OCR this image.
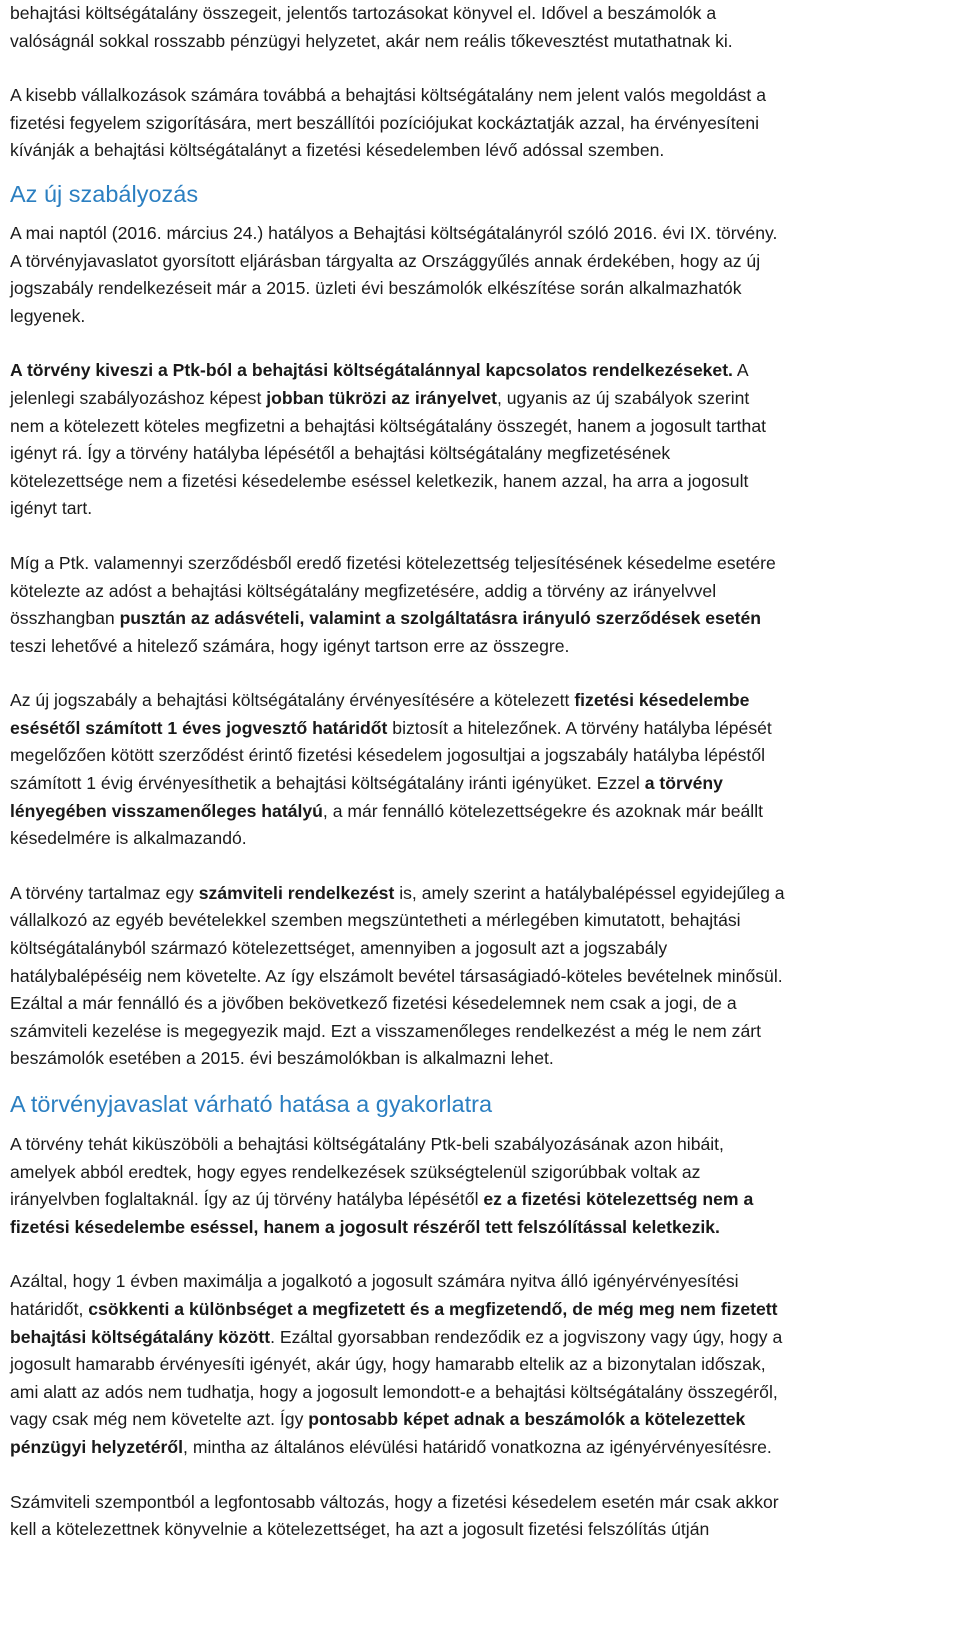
behajtási költségátalány összegeit, jelentős tartozásokat könyvel el. Idővel a beszámolók a
valóságnál sokkal rosszabb pénzügyi helyzetet, akár nem reális tőkevesztést mutathatnak ki.

A kisebb vállalkozások számára továbbá a behajtási költségátalány nem jelent valós megoldást a
fizetési fegyelem szigorítására, mert beszállítói pozíciójukat kockáztatják azzal, ha érvényesíteni
kívánják a behajtási költségátalányt a fizetési késedelemben lévő adóssal szemben.

Az új szabályozás

A mai naptól (2016. március 24.) hatályos a Behajtási költségátalányról szóló 2016. évi IX. törvény.
A törvényjavaslatot gyorsított eljárásban tárgyalta az Országgyűlés annak érdekében, hogy az új
jogszabály rendelkezéseit már a 2015. üzleti évi beszámolók elkészítése során alkalmazhatók
legyenek.

A törvény kiveszi a Ptk-ból a behajtási költségátalánnyal kapcsolatos rendelkezéseket. A
jelenlegi szabályozáshoz képest jobban tükrözi az irányelvet, ugyanis az új szabályok szerint
nem a kötelezett köteles megfizetni a behajtási költségátalány összegét, hanem a jogosult tarthat
igényt rá. Így a törvény hatályba lépésétől a behajtási költségátalány megfizetésének
kötelezettsége nem a fizetési késedelembe eséssel keletkezik, hanem azzal, ha arra a jogosult
igényt tart.

Míg a Ptk. valamennyi szerződésből eredő fizetési kötelezettség teljesítésének késedelme esetére
kötelezte az adóst a behajtási költségátalány megfizetésére, addig a törvény az irányelvvel
összhangban pusztán az adásvételi, valamint a szolgáltatásra irányuló szerződések esetén
teszi lehetővé a hitelező számára, hogy igényt tartson erre az összegre.

Az új jogszabály a behajtási költségátalány érvényesítésére a kötelezett fizetési késedelembe
esésétől számított 1 éves jogvesztő határidőt biztosít a hitelezőnek. A törvény hatályba lépését
megelőzően kötött szerződést érintő fizetési késedelem jogosultjai a jogszabály hatályba lépéstől
számított 1 évig érvényesíthetik a behajtási költségátalány iránti igényüket. Ezzel a törvény
lényegében visszamenőleges hatályú, a már fennálló kötelezettségekre és azoknak már beállt
késedelmére is alkalmazandó.

A törvény tartalmaz egy számviteli rendelkezést is, amely szerint a hatálybalépéssel egyidejűleg a
vállalkozó az egyéb bevételekkel szemben megszüntetheti a mérlegében kimutatott, behajtási
költségátalányból származó kötelezettséget, amennyiben a jogosult azt a jogszabály
hatálybalépéséig nem követelte. Az így elszámolt bevétel társaságiadó-köteles bevételnek minősül.
Ezáltal a már fennálló és a jövőben bekövetkező fizetési késedelemnek nem csak a jogi, de a
számviteli kezelése is megegyezik majd. Ezt a visszamenőleges rendelkezést a még le nem zárt
beszámolók esetében a 2015. évi beszámolókban is alkalmazni lehet.

A törvényjavaslat várható hatása a gyakorlatra

A törvény tehát kiküszöböli a behajtási költségátalány Ptk-beli szabályozásának azon hibáit,
amelyek abból eredtek, hogy egyes rendelkezések szükségtelenül szigorúbbak voltak az
irányelvben foglaltaknál. Így az új törvény hatályba lépésétől ez a fizetési kötelezettség nem a
fizetési késedelembe eséssel, hanem a jogosult részéről tett felszólítással keletkezik.

Azáltal, hogy 1 évben maximálja a jogalkotó a jogosult számára nyitva álló igényérvényesítési
határidőt, csökkenti a különbséget a megfizetett és a megfizetendő, de még meg nem fizetett
behajtási költségátalány között. Ezáltal gyorsabban rendeződik ez a jogviszony vagy úgy, hogy a
jogosult hamarabb érvényesíti igényét, akár úgy, hogy hamarabb eltelik az a bizonytalan időszak,
ami alatt az adós nem tudhatja, hogy a jogosult lemondott-e a behajtási költségátalány összegéről,
vagy csak még nem követelte azt. Így pontosabb képet adnak a beszámolók a kötelezettek
pénzügyi helyzetéről, mintha az általános elévülési határidő vonatkozna az igényérvényesítésre.

Számviteli szempontból a legfontosabb változás, hogy a fizetési késedelem esetén már csak akkor
kell a kötelezettnek könyvelnie a kötelezettséget, ha azt a jogosult fizetési felszólítás útján
